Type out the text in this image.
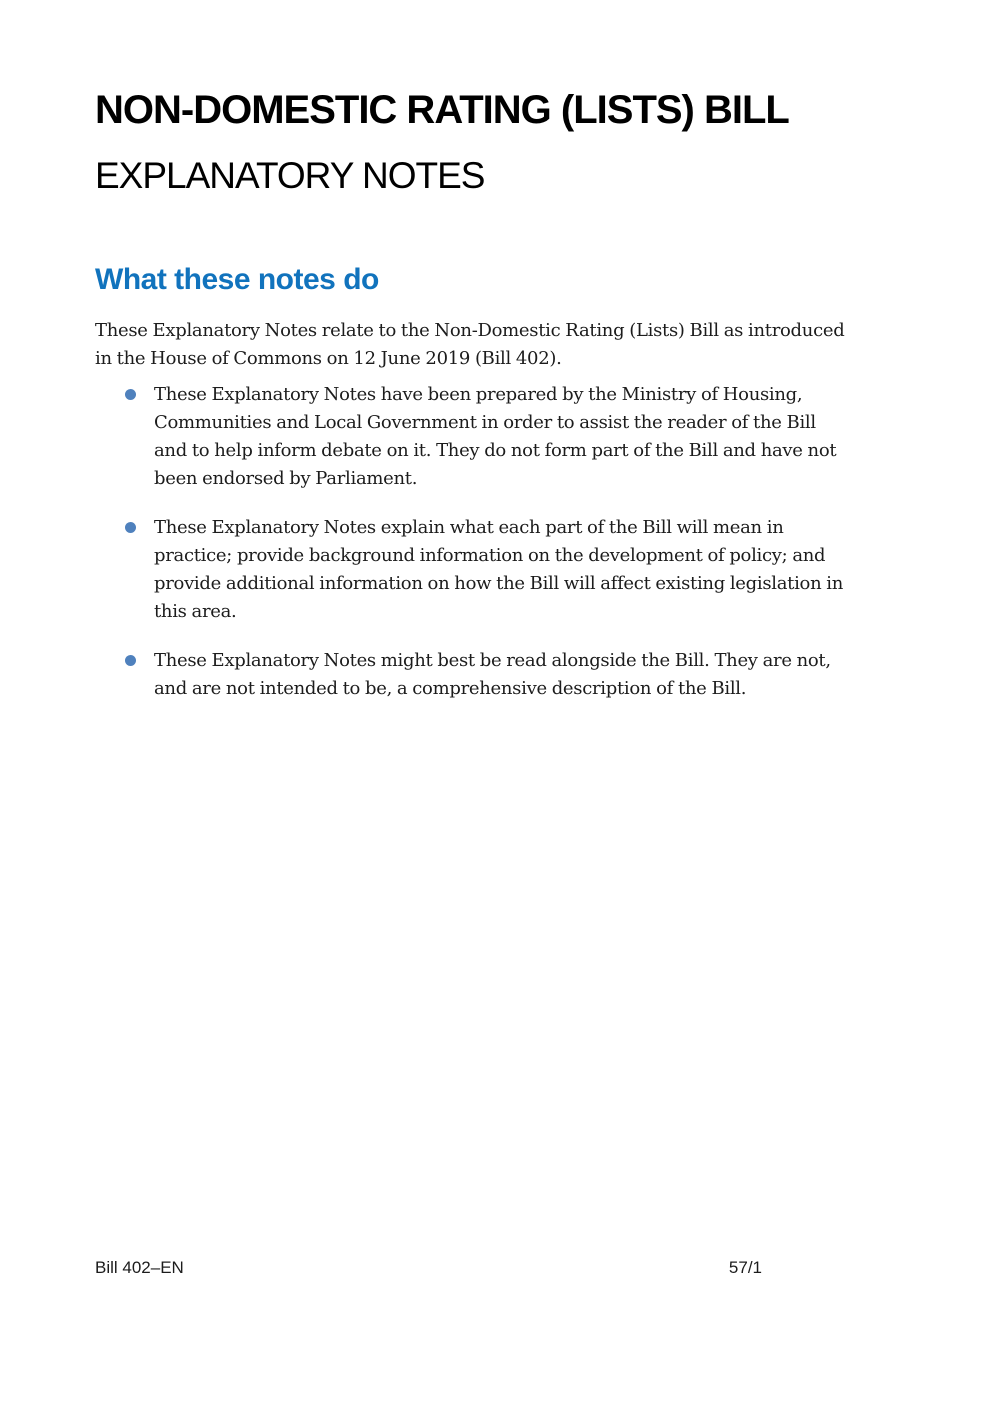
NON-DOMESTIC RATING (LISTS) BILL
EXPLANATORY NOTES
What these notes do

These Explanatory Notes relate to the Non-Domestic Rating (Lists) Bill as introduced in the House of Commons on 12 June 2019 (Bill 402).

These Explanatory Notes have been prepared by the Ministry of Housing, Communities and Local Government in order to assist the reader of the Bill and to help inform debate on it. They do not form part of the Bill and have not been endorsed by Parliament.
These Explanatory Notes explain what each part of the Bill will mean in practice; provide background information on the development of policy; and provide additional information on how the Bill will affect existing legislation in this area.
These Explanatory Notes might best be read alongside the Bill. They are not, and are not intended to be, a comprehensive description of the Bill.
Bill 402–EN	57/1
